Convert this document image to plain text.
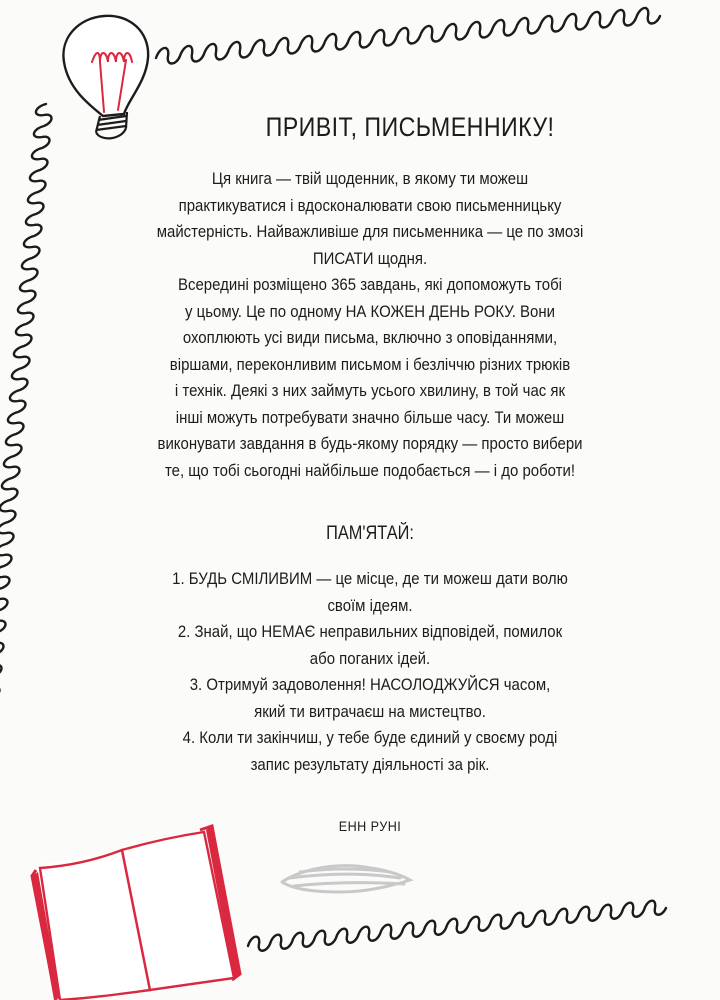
ПРИВІТ, ПИСЬМЕННИКУ!

Ця книга — твій щоденник, в якому ти можеш

практикуватися і вдосконалювати свою письменницьку

майстерність. Найважливіше для письменника — це по змозі

ПИСАТИ щодня.

Всередині розміщено 365 завдань, які допоможуть тобі

у цьому. Це по одному НА КОЖЕН ДЕНЬ РОКУ. Вони

охоплюють усі види письма, включно з оповіданнями,

віршами, переконливим письмом і безліччю різних трюків

і технік. Деякі з них займуть усього хвилину, в той час як

інші можуть потребувати значно більше часу. Ти можеш

виконувати завдання в будь-якому порядку — просто вибери

те, що тобі сьогодні найбільше подобається — і до роботи!

ПАМ'ЯТАЙ:

1. БУДЬ СМІЛИВИМ — це місце, де ти можеш дати волю

своїм ідеям.

2. Знай, що НЕМАЄ неправильних відповідей, помилок

або поганих ідей.

3. Отримуй задоволення! НАСОЛОДЖУЙСЯ часом,

який ти витрачаєш на мистецтво.

4. Коли ти закінчиш, у тебе буде єдиний у своєму роді

запис результату діяльності за рік.

ЕНН РУНІ
